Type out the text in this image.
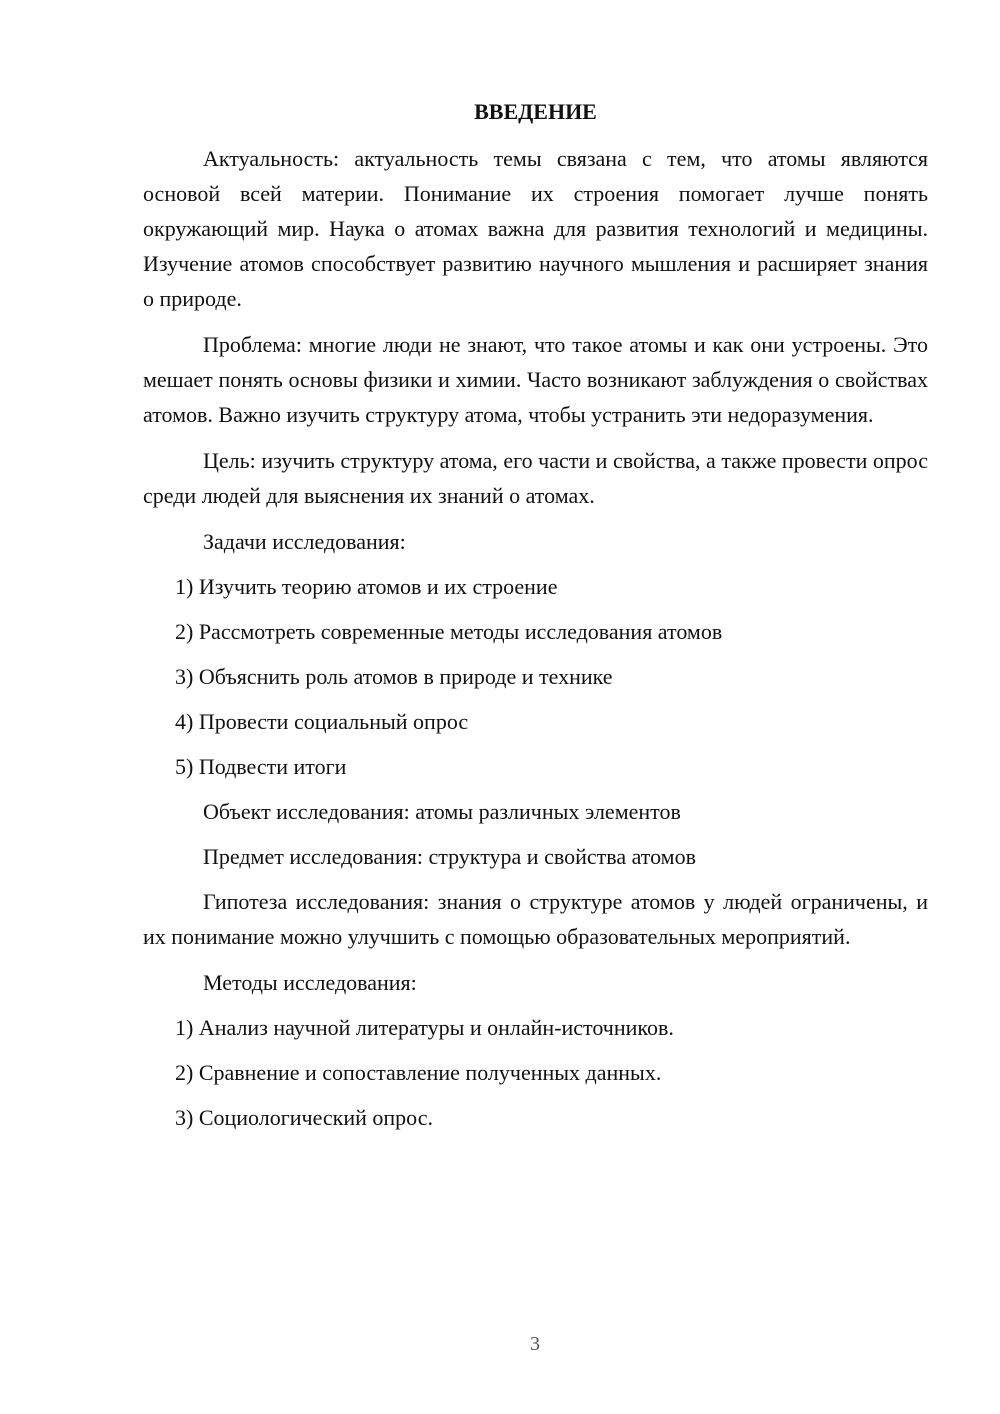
ВВЕДЕНИЕ

Актуальность: актуальность темы связана с тем, что атомы являются основой всей материи. Понимание их строения помогает лучше понять окружающий мир. Наука о атомах важна для развития технологий и медицины. Изучение атомов способствует развитию научного мышления и расширяет знания о природе.

Проблема: многие люди не знают, что такое атомы и как они устроены. Это мешает понять основы физики и химии. Часто возникают заблуждения о свойствах атомов. Важно изучить структуру атома, чтобы устранить эти недоразумения.

Цель: изучить структуру атома, его части и свойства, а также провести опрос среди людей для выяснения их знаний о атомах.

Задачи исследования:
1) Изучить теорию атомов и их строение
2) Рассмотреть современные методы исследования атомов
3) Объяснить роль атомов в природе и технике
4) Провести социальный опрос
5) Подвести итоги
Объект исследования: атомы различных элементов
Предмет исследования: структура и свойства атомов

Гипотеза исследования: знания о структуре атомов у людей ограничены, и их понимание можно улучшить с помощью образовательных мероприятий.

Методы исследования:
1) Анализ научной литературы и онлайн-источников.
2) Сравнение и сопоставление полученных данных.
3) Социологический опрос.
3
